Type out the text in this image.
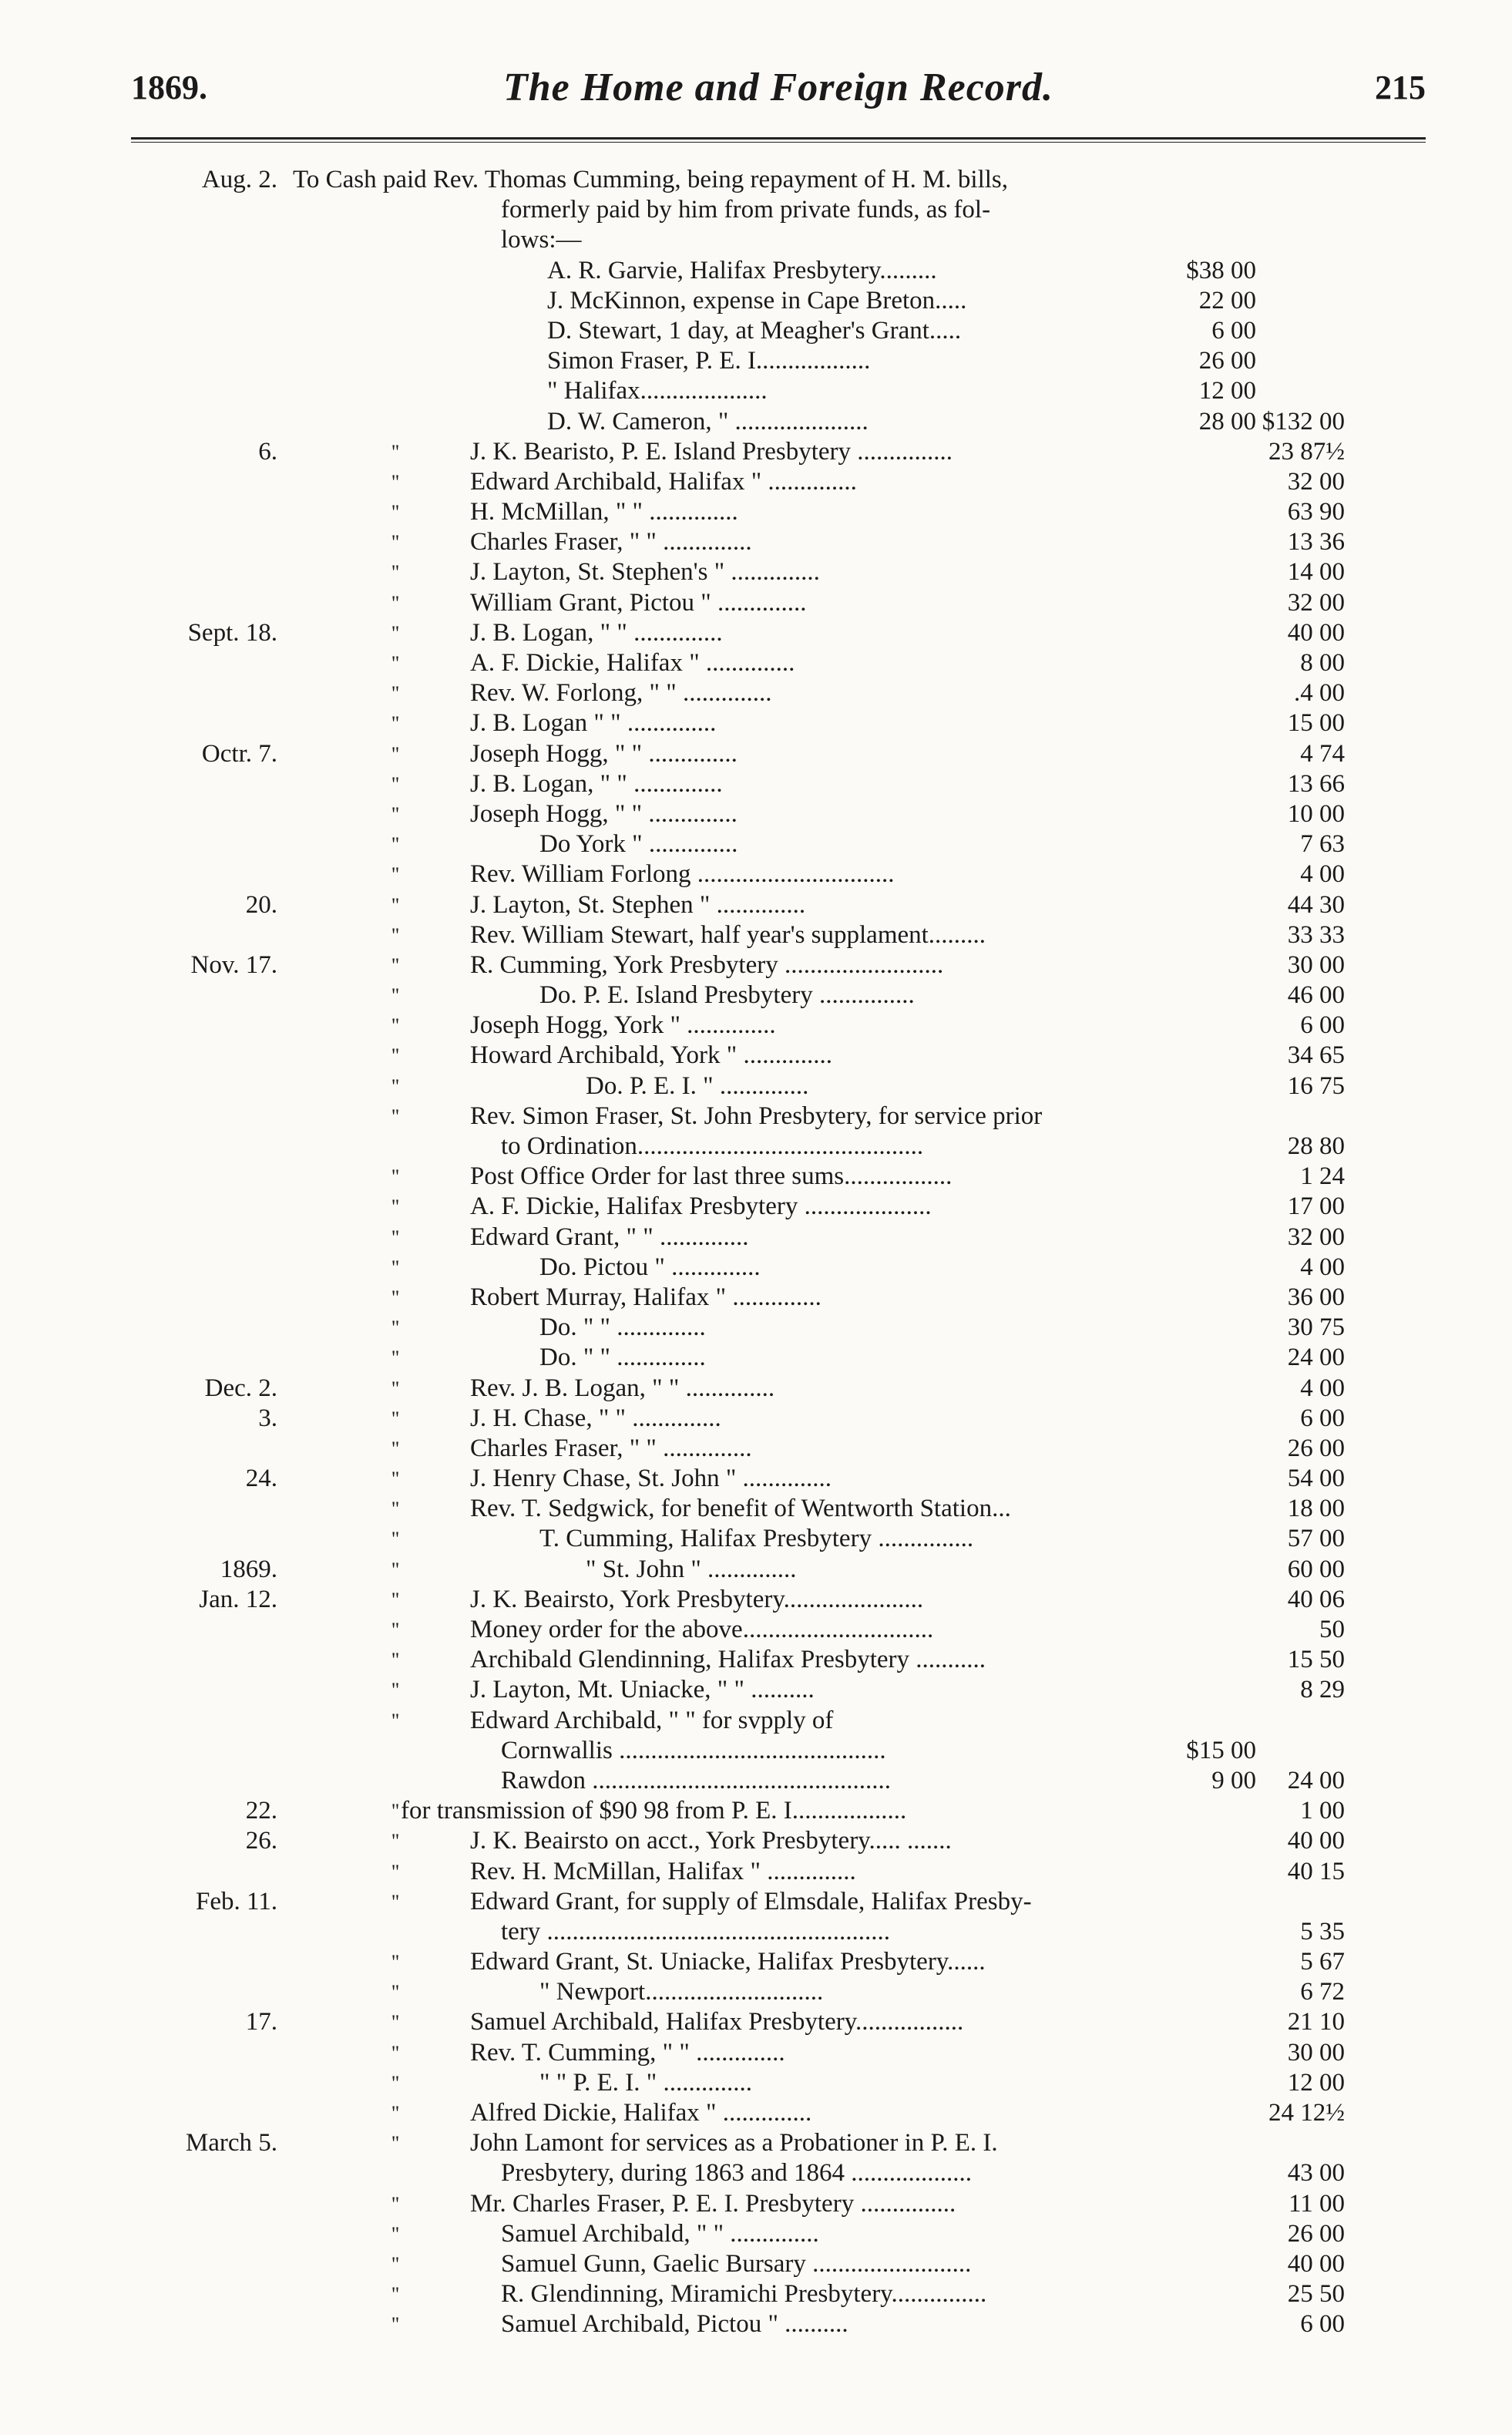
1869.	The Home and Foreign Record.	215
Aug. 2. To Cash paid Rev. Thomas Cumming, being repayment of H. M. bills,
formerly paid by him from private funds, as fol-
lows:—
A. R. Garvie, Halifax Presbytery.........	$38 00
J. McKinnon, expense in Cape Breton.....	22 00
D. Stewart, 1 day, at Meagher's Grant.....	6 00
Simon Fraser, P. E. I..................	26 00
" Halifax....................	12 00
D. W. Cameron, " .....................	28 00 $132 00
6.	"	J. K. Bearisto, P. E. Island Presbytery ...............	23 87½
"	Edward Archibald, Halifax " ..............	32 00
"	H. McMillan, " " ..............	63 90
"	Charles Fraser, " " ..............	13 36
"	J. Layton, St. Stephen's " ..............	14 00
"	William Grant, Pictou " ..............	32 00
Sept. 18.	"	J. B. Logan, " " ..............	40 00
"	A. F. Dickie, Halifax " ..............	8 00
"	Rev. W. Forlong, " " ..............	.4 00
"	J. B. Logan " " ..............	15 00
Octr. 7.	"	Joseph Hogg, " " ..............	4 74
"	J. B. Logan, " " ..............	13 66
"	Joseph Hogg, " " ..............	10 00
"	Do York " ..............	7 63
"	Rev. William Forlong ...............................	4 00
20.	"	J. Layton, St. Stephen " ..............	44 30
"	Rev. William Stewart, half year's supplament.........	33 33
Nov. 17.	"	R. Cumming, York Presbytery .........................	30 00
"	Do. P. E. Island Presbytery ...............	46 00
"	Joseph Hogg, York " ..............	6 00
"	Howard Archibald, York " ..............	34 65
"	Do. P. E. I. " ..............	16 75
"	Rev. Simon Fraser, St. John Presbytery, for service prior
to Ordination.............................................	28 80
"	Post Office Order for last three sums.................	1 24
"	A. F. Dickie, Halifax Presbytery ....................	17 00
"	Edward Grant, " " ..............	32 00
"	Do. Pictou " ..............	4 00
"	Robert Murray, Halifax " ..............	36 00
"	Do. " " ..............	30 75
"	Do. " " ..............	24 00
Dec. 2.	"	Rev. J. B. Logan, " " ..............	4 00
3.	"	J. H. Chase, " " ..............	6 00
"	Charles Fraser, " " ..............	26 00
24.	"	J. Henry Chase, St. John " ..............	54 00
"	Rev. T. Sedgwick, for benefit of Wentworth Station...	18 00
"	T. Cumming, Halifax Presbytery ...............	57 00
1869.	"	" St. John " ..............	60 00
Jan. 12.	"	J. K. Beairsto, York Presbytery......................	40 06
"	Money order for the above..............................	50
"	Archibald Glendinning, Halifax Presbytery ...........	15 50
"	J. Layton, Mt. Uniacke, " " ..........	8 29
"	Edward Archibald, " " for svpply of
Cornwallis ..........................................	$15 00
Rawdon ...............................................	9 00	24 00
22.	" for transmission of $90 98 from P. E. I..................	1 00
26.	"	J. K. Beairsto on acct., York Presbytery..... .......	40 00
"	Rev. H. McMillan, Halifax " ..............	40 15
Feb. 11.	"	Edward Grant, for supply of Elmsdale, Halifax Presby-
tery ......................................................	5 35
"	Edward Grant, St. Uniacke, Halifax Presbytery......	5 67
"	" Newport............................	6 72
17.	"	Samuel Archibald, Halifax Presbytery.................	21 10
"	Rev. T. Cumming, " " ..............	30 00
"	" " P. E. I. " ..............	12 00
"	Alfred Dickie, Halifax " ..............	24 12½
March 5.	"	John Lamont for services as a Probationer in P. E. I.
Presbytery, during 1863 and 1864 ...................	43 00
"	Mr. Charles Fraser, P. E. I. Presbytery ...............	11 00
"	Samuel Archibald, " " ..............	26 00
"	Samuel Gunn, Gaelic Bursary .........................	40 00
"	R. Glendinning, Miramichi Presbytery...............	25 50
"	Samuel Archibald, Pictou " ..........	6 00
